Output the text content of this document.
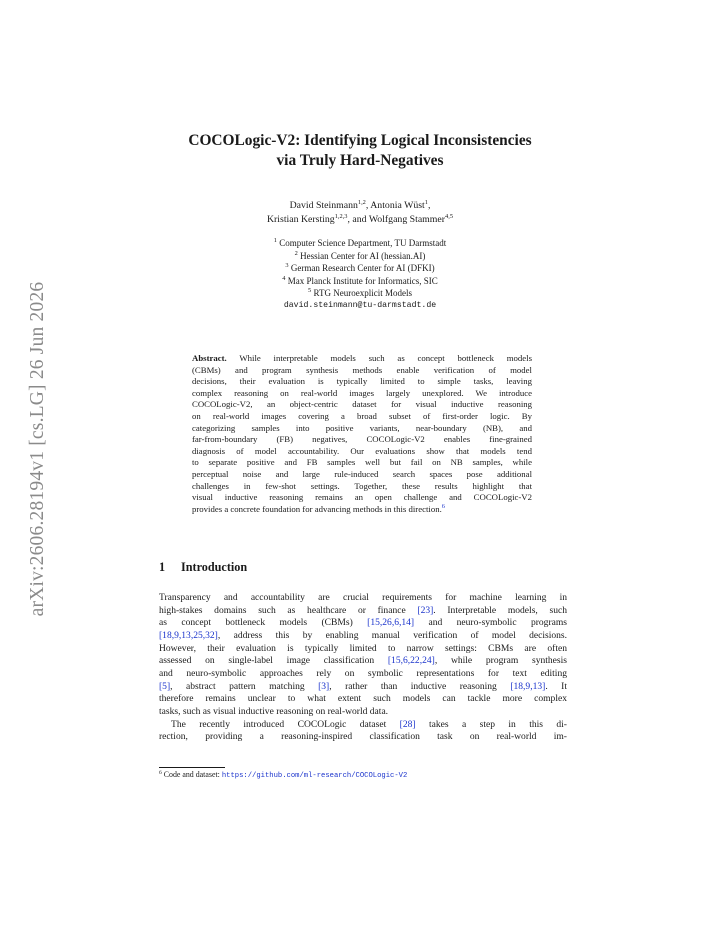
arXiv:2606.28194v1 [cs.LG] 26 Jun 2026
COCOLogic-V2: Identifying Logical Inconsistencies
via Truly Hard-Negatives
David Steinmann$^{1,2}$, Antonia Wüst$^1$,
Kristian Kersting$^{1,2,3}$, and Wolfgang Stammer$^{4,5}$
$^1$ Computer Science Department, TU Darmstadt
$^2$ Hessian Center for AI (hessian.AI)
$^3$ German Research Center for AI (DFKI)
$^4$ Max Planck Institute for Informatics, SIC
$^5$ RTG Neuroexplicit Models
david.steinmann@tu-darmstadt.de
Abstract. While interpretable models such as concept bottleneck models
(CBMs) and program synthesis methods enable verification of model
decisions, their evaluation is typically limited to simple tasks, leaving
complex reasoning on real-world images largely unexplored. We introduce
COCOLogic-V2, an object-centric dataset for visual inductive reasoning
on real-world images covering a broad subset of first-order logic. By
categorizing samples into positive variants, near-boundary (NB), and
far-from-boundary (FB) negatives, COCOLogic-V2 enables fine-grained
diagnosis of model accountability. Our evaluations show that models tend
to separate positive and FB samples well but fail on NB samples, while
perceptual noise and large rule-induced search spaces pose additional
challenges in few-shot settings. Together, these results highlight that
visual inductive reasoning remains an open challenge and COCOLogic-V2
provides a concrete foundation for advancing methods in this direction.$^6$
1 Introduction
Transparency and accountability are crucial requirements for machine learning in
high-stakes domains such as healthcare or finance [23]. Interpretable models, such
as concept bottleneck models (CBMs) [15,26,6,14] and neuro-symbolic programs
[18,9,13,25,32], address this by enabling manual verification of model decisions.
However, their evaluation is typically limited to narrow settings: CBMs are often
assessed on single-label image classification [15,6,22,24], while program synthesis
and neuro-symbolic approaches rely on symbolic representations for text editing
[5], abstract pattern matching [3], rather than inductive reasoning [18,9,13]. It
therefore remains unclear to what extent such models can tackle more complex
tasks, such as visual inductive reasoning on real-world data.
The recently introduced COCOLogic dataset [28] takes a step in this di-
rection, providing a reasoning-inspired classification task on real-world im-
$^6$ Code and dataset: https://github.com/ml-research/COCOLogic-V2
